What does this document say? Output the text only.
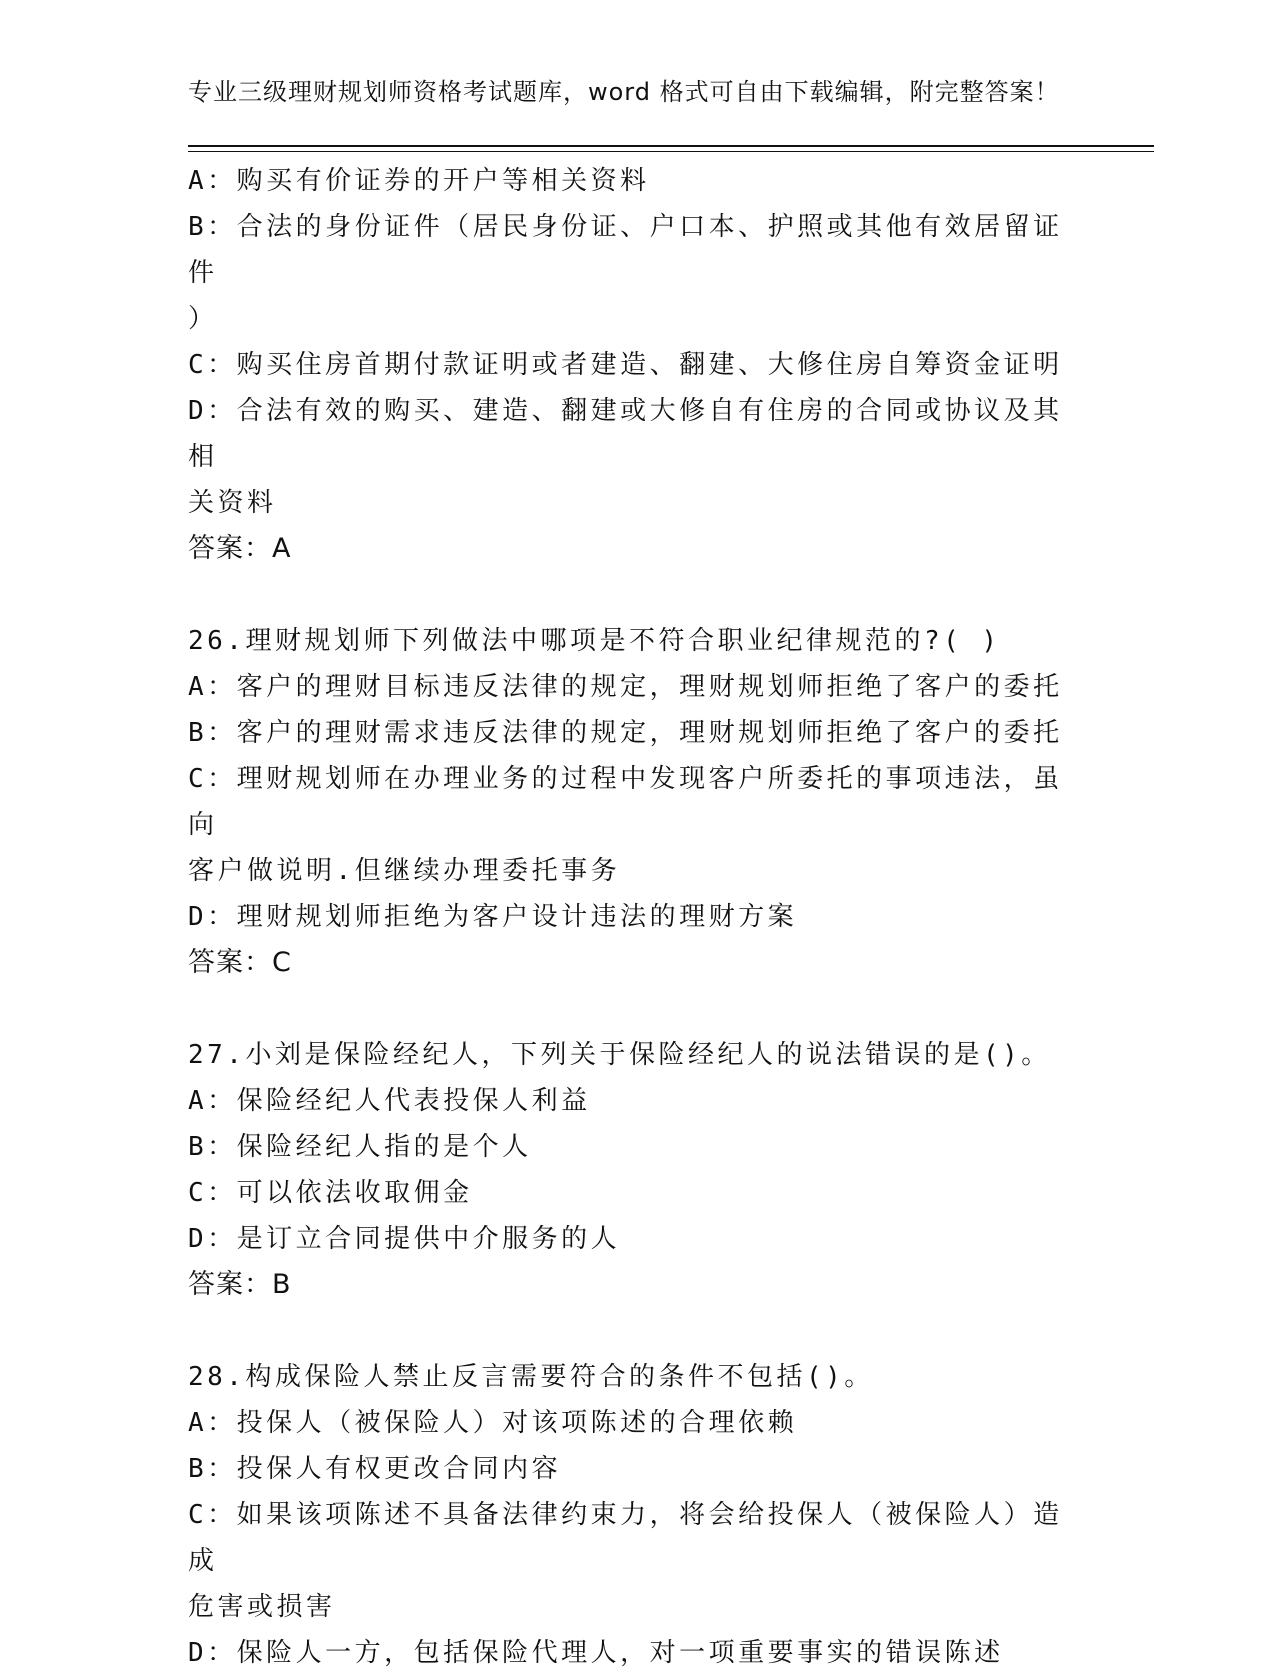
专业三级理财规划师资格考试题库，word 格式可自由下载编辑，附完整答案！
A：购买有价证券的开户等相关资料
B：合法的身份证件（居民身份证、户口本、护照或其他有效居留证件
）
C：购买住房首期付款证明或者建造、翻建、大修住房自筹资金证明
D：合法有效的购买、建造、翻建或大修自有住房的合同或协议及其相
关资料
答案：A
26.理财规划师下列做法中哪项是不符合职业纪律规范的?( )
A：客户的理财目标违反法律的规定，理财规划师拒绝了客户的委托
B：客户的理财需求违反法律的规定，理财规划师拒绝了客户的委托
C：理财规划师在办理业务的过程中发现客户所委托的事项违法，虽向
客户做说明.但继续办理委托事务
D：理财规划师拒绝为客户设计违法的理财方案
答案：C
27.小刘是保险经纪人，下列关于保险经纪人的说法错误的是()。
A：保险经纪人代表投保人利益
B：保险经纪人指的是个人
C：可以依法收取佣金
D：是订立合同提供中介服务的人
答案：B
28.构成保险人禁止反言需要符合的条件不包括()。
A：投保人（被保险人）对该项陈述的合理依赖
B：投保人有权更改合同内容
C：如果该项陈述不具备法律约束力，将会给投保人（被保险人）造成
危害或损害
D：保险人一方，包括保险代理人，对一项重要事实的错误陈述
